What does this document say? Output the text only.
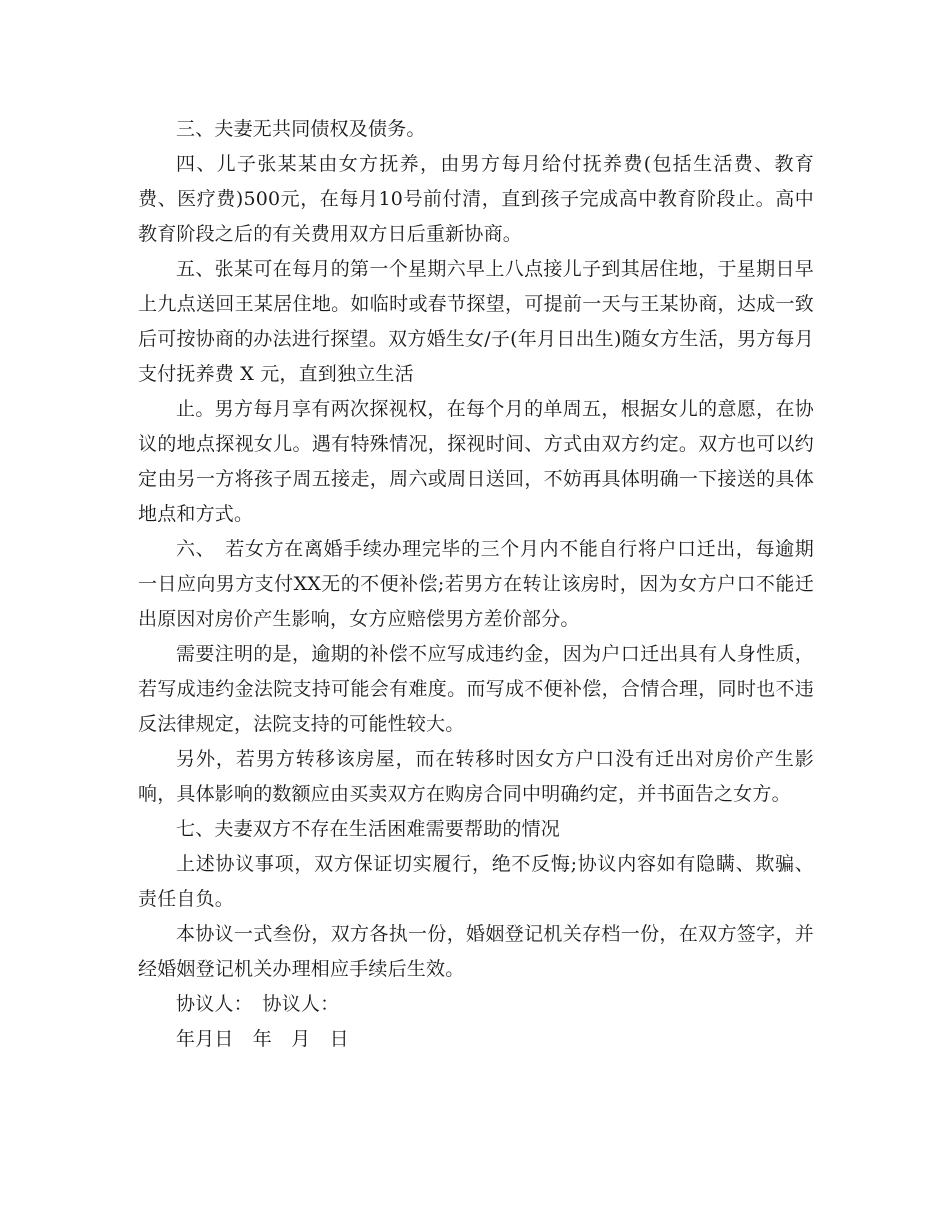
三、夫妻无共同债权及债务。

四、儿子张某某由女方抚养，由男方每月给付抚养费(包括生活费、教育费、医疗费)500元，在每月10号前付清，直到孩子完成高中教育阶段止。高中教育阶段之后的有关费用双方日后重新协商。

五、张某可在每月的第一个星期六早上八点接儿子到其居住地，于星期日早上九点送回王某居住地。如临时或春节探望，可提前一天与王某协商，达成一致后可按协商的办法进行探望。双方婚生女/子(年月日出生)随女方生活，男方每月支付抚养费 X 元，直到独立生活

止。男方每月享有两次探视权，在每个月的单周五，根据女儿的意愿，在协议的地点探视女儿。遇有特殊情况，探视时间、方式由双方约定。双方也可以约定由另一方将孩子周五接走，周六或周日送回，不妨再具体明确一下接送的具体地点和方式。

六、　若女方在离婚手续办理完毕的三个月内不能自行将户口迁出，每逾期一日应向男方支付XX无的不便补偿;若男方在转让该房时，因为女方户口不能迁出原因对房价产生影响，女方应赔偿男方差价部分。

需要注明的是，逾期的补偿不应写成违约金，因为户口迁出具有人身性质，若写成违约金法院支持可能会有难度。而写成不便补偿，合情合理，同时也不违反法律规定，法院支持的可能性较大。

另外，若男方转移该房屋，而在转移时因女方户口没有迁出对房价产生影响，具体影响的数额应由买卖双方在购房合同中明确约定，并书面告之女方。

七、夫妻双方不存在生活困难需要帮助的情况

上述协议事项，双方保证切实履行，绝不反悔;协议内容如有隐瞒、欺骗、责任自负。

本协议一式叁份，双方各执一份，婚姻登记机关存档一份，在双方签字，并经婚姻登记机关办理相应手续后生效。

协议人：　协议人：

年月日　年　月　日
